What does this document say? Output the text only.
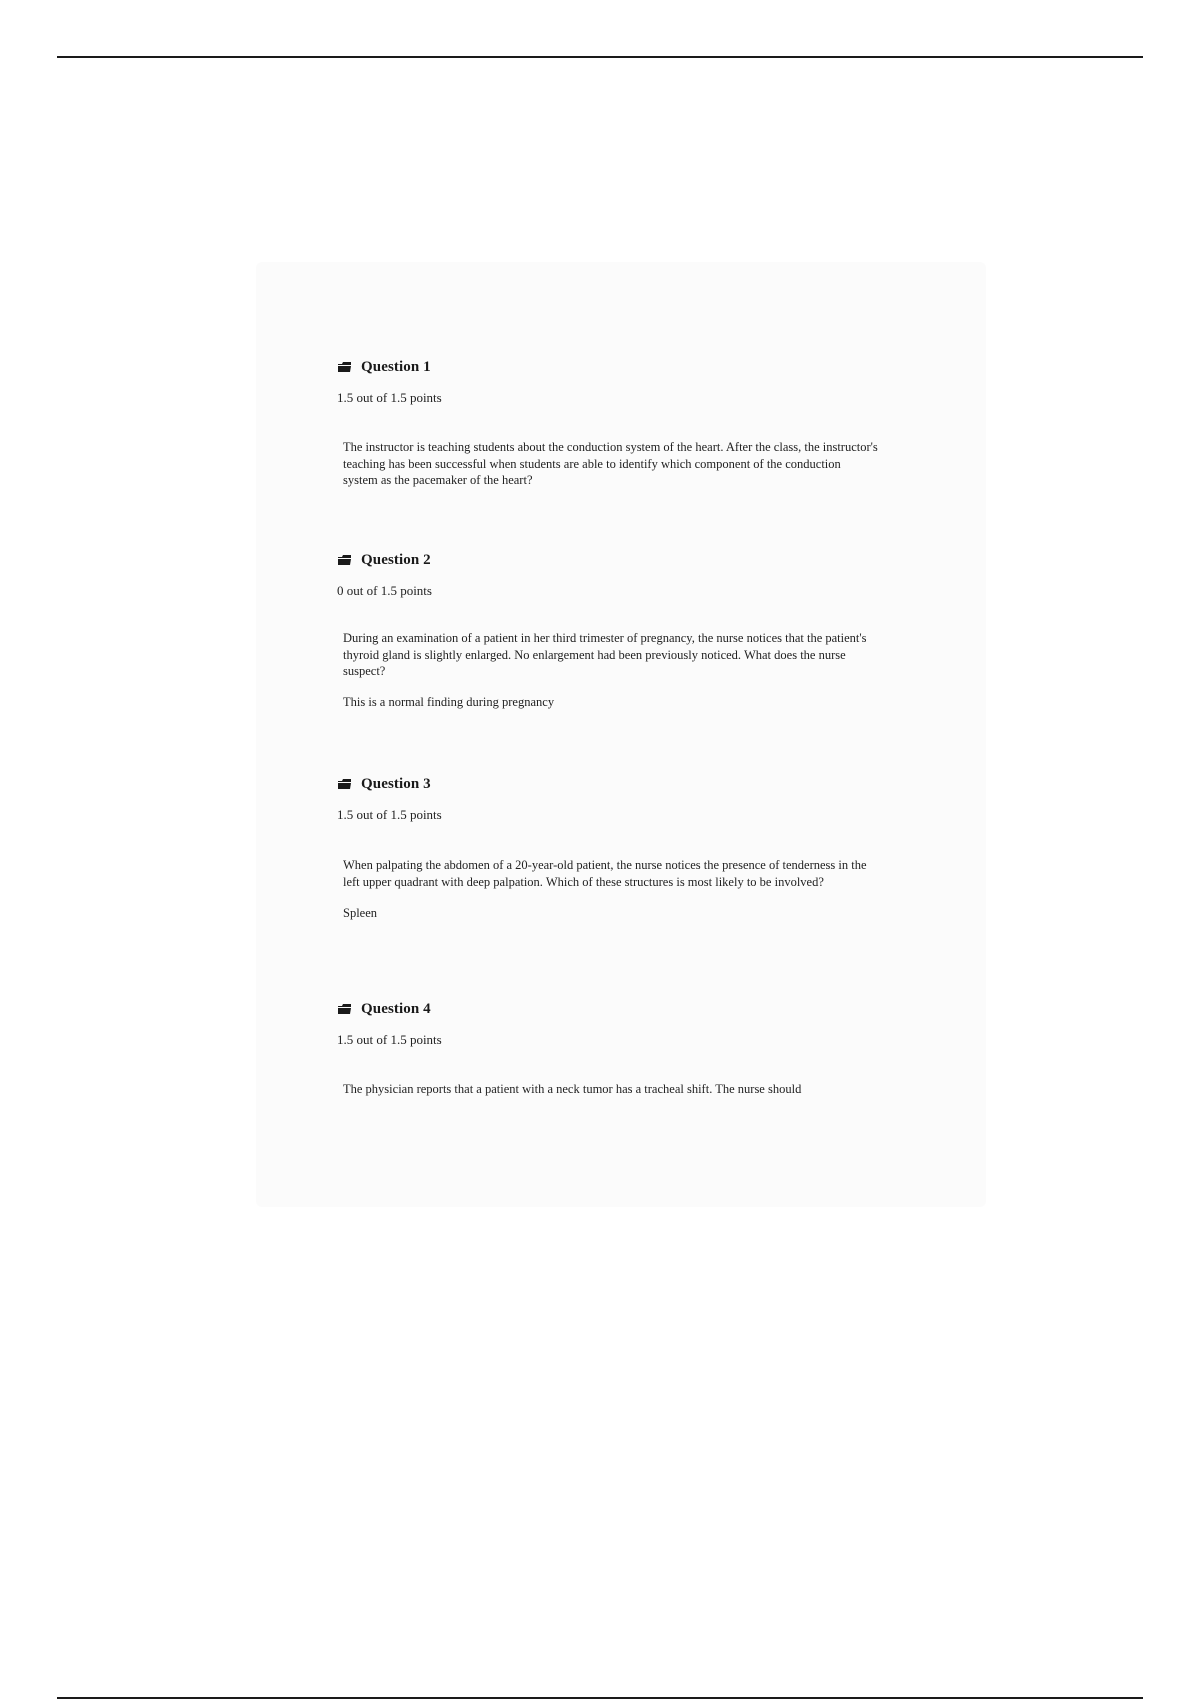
Question 1
1.5 out of 1.5 points
The instructor is teaching students about the conduction system of the heart. After the class, the instructor's teaching has been successful when students are able to identify which component of the conduction system as the pacemaker of the heart?
Question 2
0 out of 1.5 points
During an examination of a patient in her third trimester of pregnancy, the nurse notices that the patient's thyroid gland is slightly enlarged. No enlargement had been previously noticed. What does the nurse suspect?
This is a normal finding during pregnancy
Question 3
1.5 out of 1.5 points
When palpating the abdomen of a 20-year-old patient, the nurse notices the presence of tenderness in the left upper quadrant with deep palpation. Which of these structures is most likely to be involved?
Spleen
Question 4
1.5 out of 1.5 points
The physician reports that a patient with a neck tumor has a tracheal shift. The nurse should
